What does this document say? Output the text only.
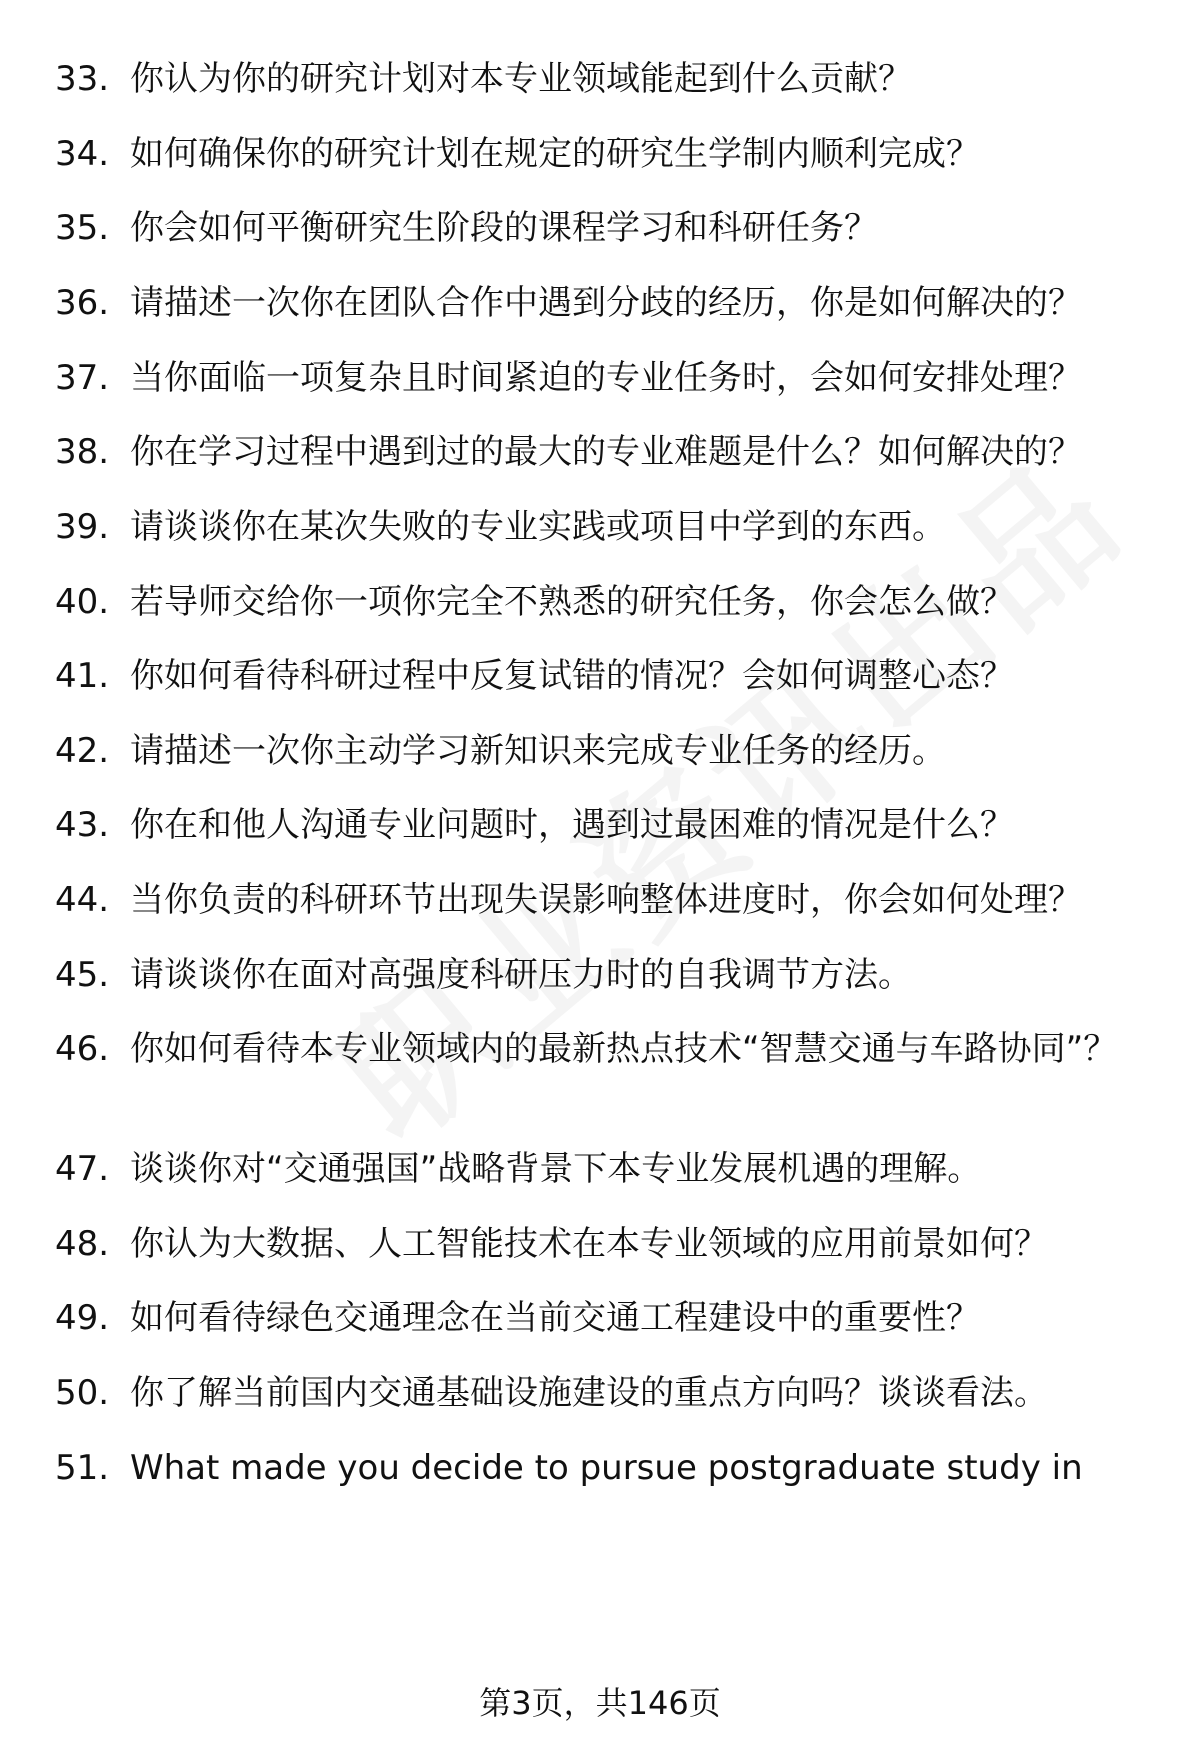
33. 你认为你的研究计划对本专业领域能起到什么贡献？
34. 如何确保你的研究计划在规定的研究生学制内顺利完成？
35. 你会如何平衡研究生阶段的课程学习和科研任务？
36. 请描述一次你在团队合作中遇到分歧的经历，你是如何解决的？
37. 当你面临一项复杂且时间紧迫的专业任务时，会如何安排处理？
38. 你在学习过程中遇到过的最大的专业难题是什么？如何解决的？
39. 请谈谈你在某次失败的专业实践或项目中学到的东西。
40. 若导师交给你一项你完全不熟悉的研究任务，你会怎么做？
41. 你如何看待科研过程中反复试错的情况？会如何调整心态？
42. 请描述一次你主动学习新知识来完成专业任务的经历。
43. 你在和他人沟通专业问题时，遇到过最困难的情况是什么？
44. 当你负责的科研环节出现失误影响整体进度时，你会如何处理？
45. 请谈谈你在面对高强度科研压力时的自我调节方法。
46. 你如何看待本专业领域内的最新热点技术“智慧交通与车路协同”？
47. 谈谈你对“交通强国”战略背景下本专业发展机遇的理解。
48. 你认为大数据、人工智能技术在本专业领域的应用前景如何？
49. 如何看待绿色交通理念在当前交通工程建设中的重要性？
50. 你了解当前国内交通基础设施建设的重点方向吗？谈谈看法。
51. What made you decide to pursue postgraduate study in
第3页，共146页
